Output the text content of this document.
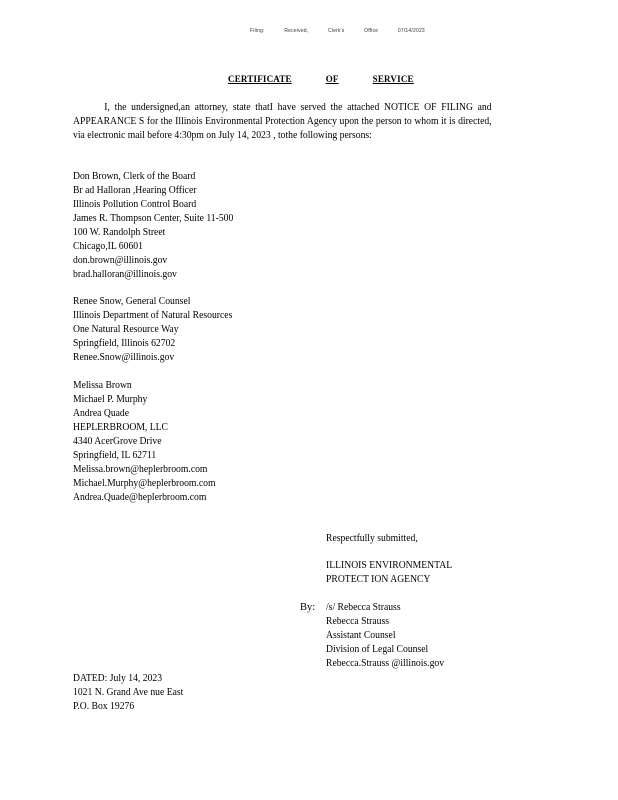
Filing:	Received,	Clerk's	Office	07/14/2023
CERTIFICATE	OF	SERVICE
I, the undersigned,an attorney, state thatI have served the attached NOTICE OF FILING and APPEARANCE S for the Illinois Environmental Protection Agency upon the person to whom it is directed, via electronic mail before 4:30pm on July 14, 2023 , tothe following persons:
Don Brown, Clerk of the Board
Br ad Halloran ,Hearing Officer
Illinois Pollution Control Board
James R. Thompson Center, Suite 11-500
100 W. Randolph Street
Chicago,IL 60601
don.brown@illinois.gov
brad.halloran@illinois.gov
Renee Snow, General Counsel
Illinois Department of Natural Resources
One Natural Resource Way
Springfield, Illinois 62702
Renee.Snow@illinois.gov
Melissa Brown
Michael P. Murphy
Andrea Quade
HEPLERBROOM, LLC
4340 AcerGrove Drive
Springfield, IL 62711
Melissa.brown@heplerbroom.com
Michael.Murphy@heplerbroom.com
Andrea.Quade@heplerbroom.com
Respectfully submitted,
ILLINOIS ENVIRONMENTAL
PROTECT ION AGENCY
By: /s/ Rebecca Strauss
Rebecca Strauss
Assistant Counsel
Division of Legal Counsel
Rebecca.Strauss @illinois.gov
DATED: July 14, 2023
1021 N. Grand Ave nue East
P.O. Box 19276
